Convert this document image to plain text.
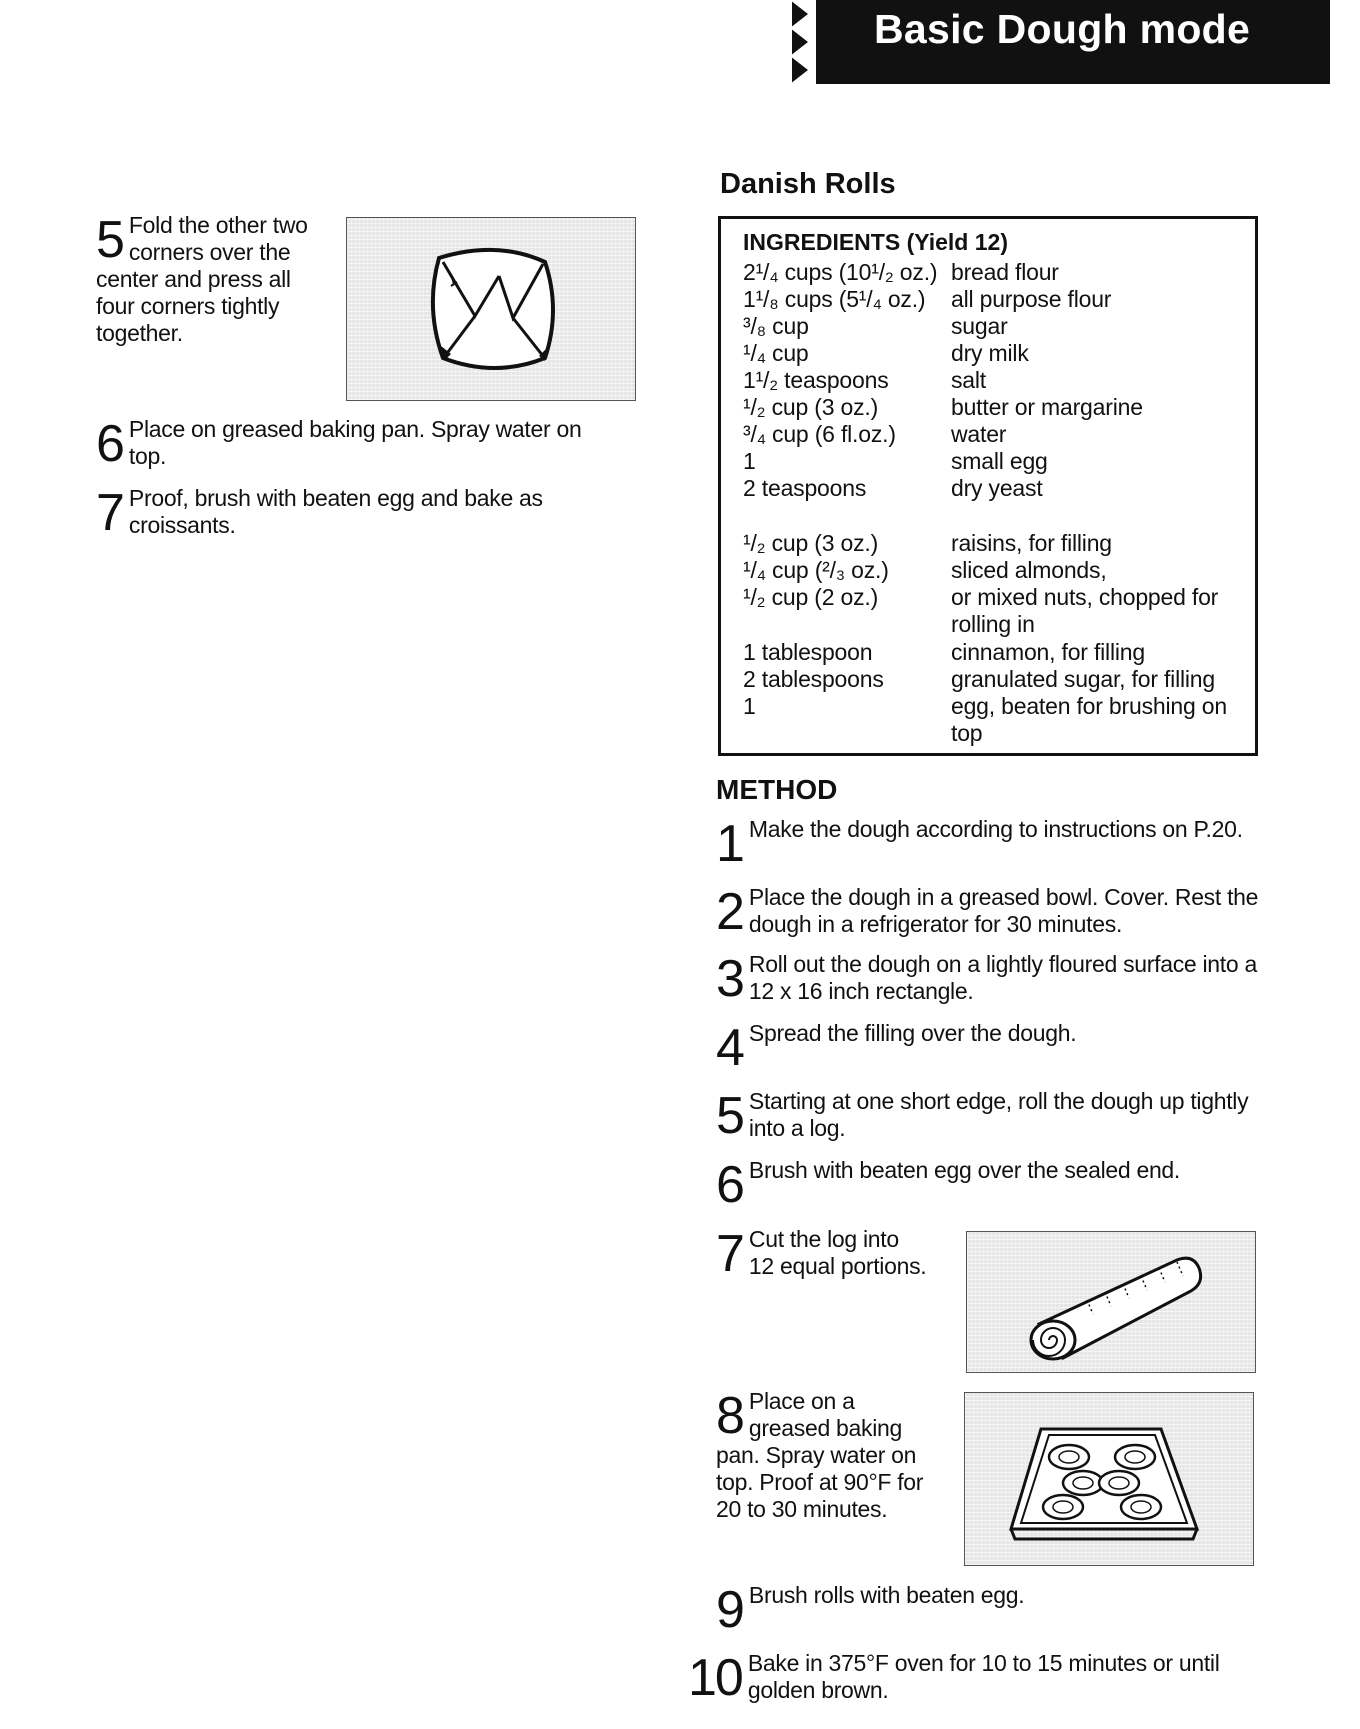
Basic Dough mode
5 Fold the other two corners over the center and press all four corners tightly together.
6 Place on greased baking pan. Spray water on top.
7 Proof, brush with beaten egg and bake as croissants.
Danish Rolls
INGREDIENTS (Yield 12)
2¹/₄ cups (10¹/₂ oz.) bread flour
1¹/₈ cups (5¹/₄ oz.) all purpose flour
³/₈ cup	sugar
¹/₄ cup	dry milk
1¹/₂ teaspoons	salt
¹/₂ cup (3 oz.)	butter or margarine
³/₄ cup (6 fl.oz.) water
1	small egg
2 teaspoons	dry yeast
¹/₂ cup (3 oz.)	raisins, for filling
¹/₄ cup (²/₃ oz.)	sliced almonds,
¹/₂ cup (2 oz.)	or mixed nuts, chopped for rolling in
1 tablespoon	cinnamon, for filling
2 tablespoons	granulated sugar, for filling
1	egg, beaten for brushing on top
METHOD
1 Make the dough according to instructions on P.20.
2 Place the dough in a greased bowl. Cover. Rest the dough in a refrigerator for 30 minutes.
3 Roll out the dough on a lightly floured surface into a 12 x 16 inch rectangle.
4 Spread the filling over the dough.
5 Starting at one short edge, roll the dough up tightly into a log.
6 Brush with beaten egg over the sealed end.
7 Cut the log into 12 equal portions.
8 Place on a greased baking pan. Spray water on top. Proof at 90°F for 20 to 30 minutes.
9 Brush rolls with beaten egg.
10 Bake in 375°F oven for 10 to 15 minutes or until golden brown.
